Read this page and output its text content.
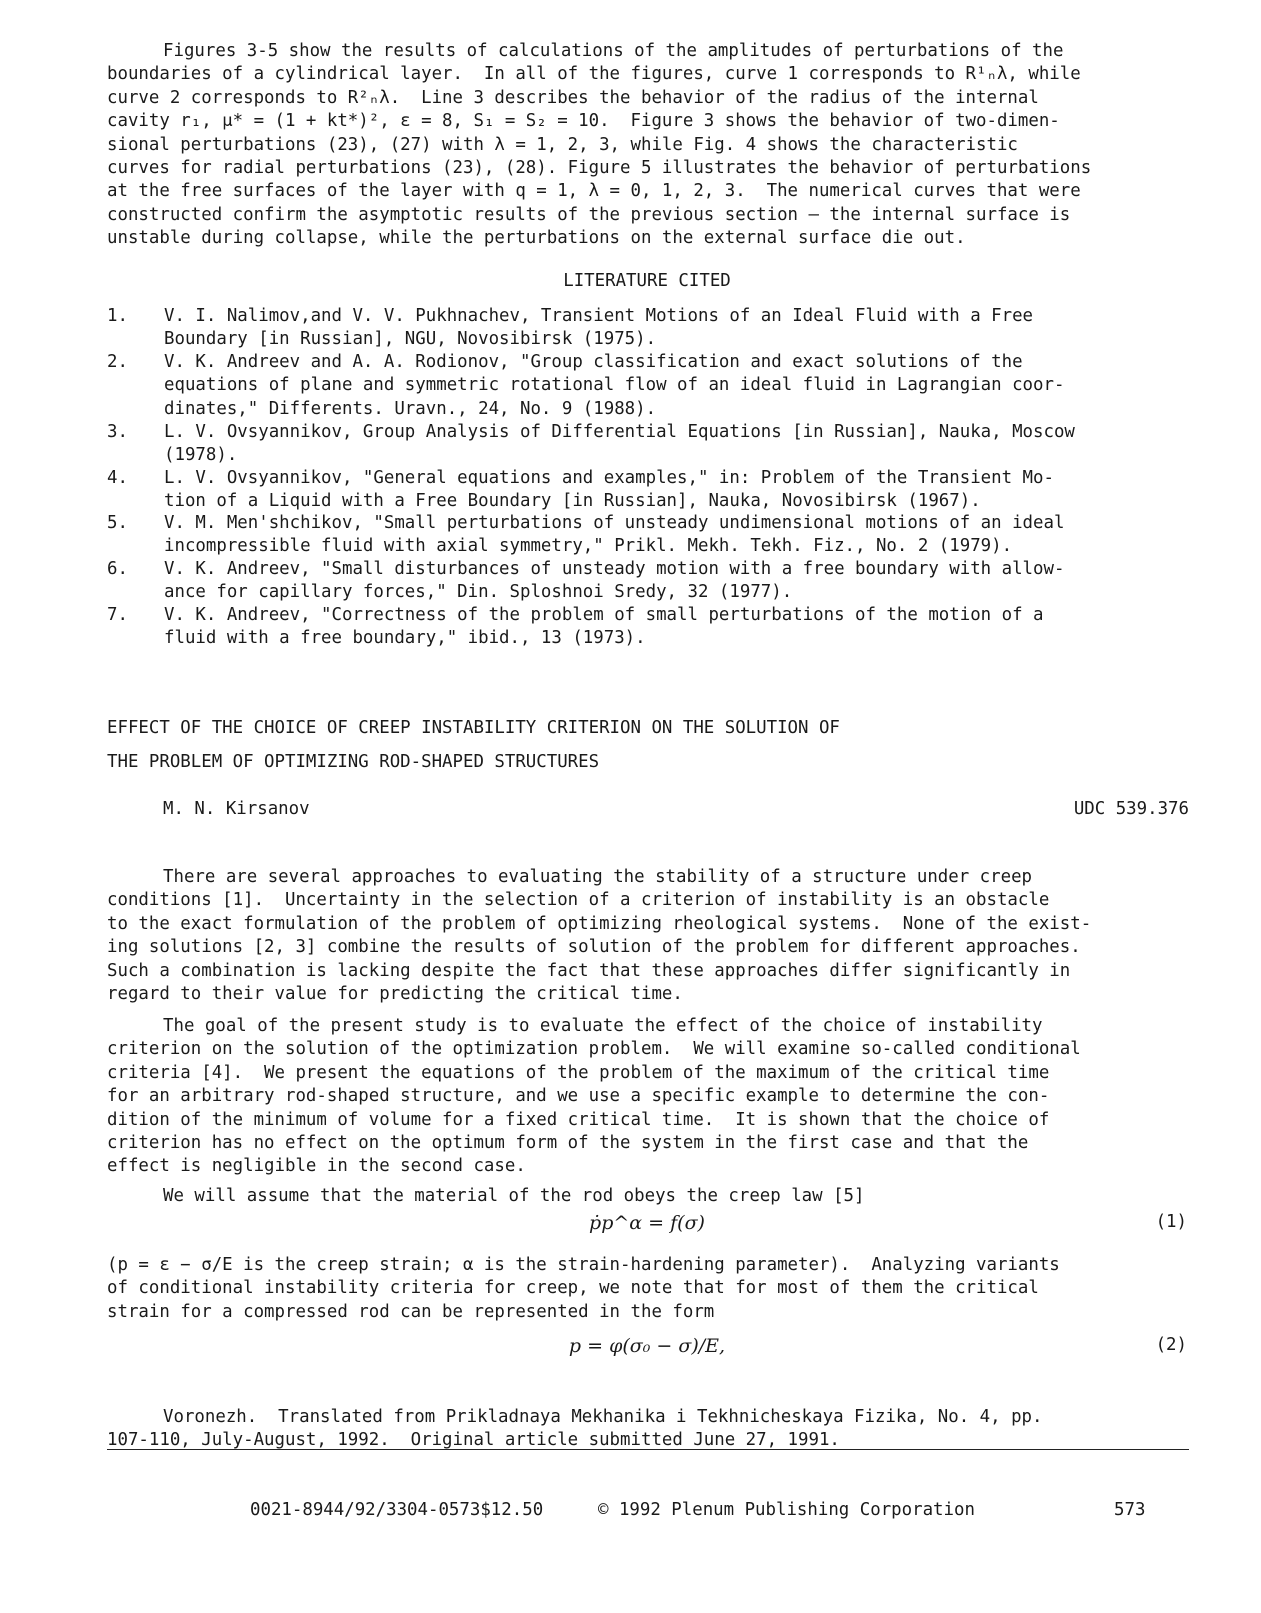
Figures 3-5 show the results of calculations of the amplitudes of perturbations of the
boundaries of a cylindrical layer.  In all of the figures, curve 1 corresponds to R¹ₙλ, while
curve 2 corresponds to R²ₙλ.  Line 3 describes the behavior of the radius of the internal
cavity r₁, μ* = (1 + kt*)², ε = 8, S₁ = S₂ = 10.  Figure 3 shows the behavior of two-dimen-
sional perturbations (23), (27) with λ = 1, 2, 3, while Fig. 4 shows the characteristic
curves for radial perturbations (23), (28). Figure 5 illustrates the behavior of perturbations
at the free surfaces of the layer with q = 1, λ = 0, 1, 2, 3.  The numerical curves that were
constructed confirm the asymptotic results of the previous section — the internal surface is
unstable during collapse, while the perturbations on the external surface die out.
LITERATURE CITED
1. V. I. Nalimov,and V. V. Pukhnachev, Transient Motions of an Ideal Fluid with a Free
Boundary [in Russian], NGU, Novosibirsk (1975).
2. V. K. Andreev and A. A. Rodionov, "Group classification and exact solutions of the
equations of plane and symmetric rotational flow of an ideal fluid in Lagrangian coor-
dinates," Differents. Uravn., 24, No. 9 (1988).
3. L. V. Ovsyannikov, Group Analysis of Differential Equations [in Russian], Nauka, Moscow
(1978).
4. L. V. Ovsyannikov, "General equations and examples," in: Problem of the Transient Mo-
tion of a Liquid with a Free Boundary [in Russian], Nauka, Novosibirsk (1967).
5. V. M. Men'shchikov, "Small perturbations of unsteady undimensional motions of an ideal
incompressible fluid with axial symmetry," Prikl. Mekh. Tekh. Fiz., No. 2 (1979).
6. V. K. Andreev, "Small disturbances of unsteady motion with a free boundary with allow-
ance for capillary forces," Din. Sploshnoi Sredy, 32 (1977).
7. V. K. Andreev, "Correctness of the problem of small perturbations of the motion of a
fluid with a free boundary," ibid., 13 (1973).
EFFECT OF THE CHOICE OF CREEP INSTABILITY CRITERION ON THE SOLUTION OF
THE PROBLEM OF OPTIMIZING ROD-SHAPED STRUCTURES
M. N. Kirsanov	UDC 539.376
There are several approaches to evaluating the stability of a structure under creep
conditions [1].  Uncertainty in the selection of a criterion of instability is an obstacle
to the exact formulation of the problem of optimizing rheological systems.  None of the exist-
ing solutions [2, 3] combine the results of solution of the problem for different approaches.
Such a combination is lacking despite the fact that these approaches differ significantly in
regard to their value for predicting the critical time.
The goal of the present study is to evaluate the effect of the choice of instability
criterion on the solution of the optimization problem.  We will examine so-called conditional
criteria [4].  We present the equations of the problem of the maximum of the critical time
for an arbitrary rod-shaped structure, and we use a specific example to determine the con-
dition of the minimum of volume for a fixed critical time.  It is shown that the choice of
criterion has no effect on the optimum form of the system in the first case and that the
effect is negligible in the second case.
We will assume that the material of the rod obeys the creep law [5]
ṗp^α = f(σ)	(1)
(p = ε − σ/E is the creep strain; α is the strain-hardening parameter).  Analyzing variants
of conditional instability criteria for creep, we note that for most of them the critical
strain for a compressed rod can be represented in the form
p = φ(σ₀ − σ)/E,	(2)
Voronezh.  Translated from Prikladnaya Mekhanika i Tekhnicheskaya Fizika, No. 4, pp.
107-110, July-August, 1992.  Original article submitted June 27, 1991.
0021-8944/92/3304-0573$12.50	© 1992 Plenum Publishing Corporation	573
